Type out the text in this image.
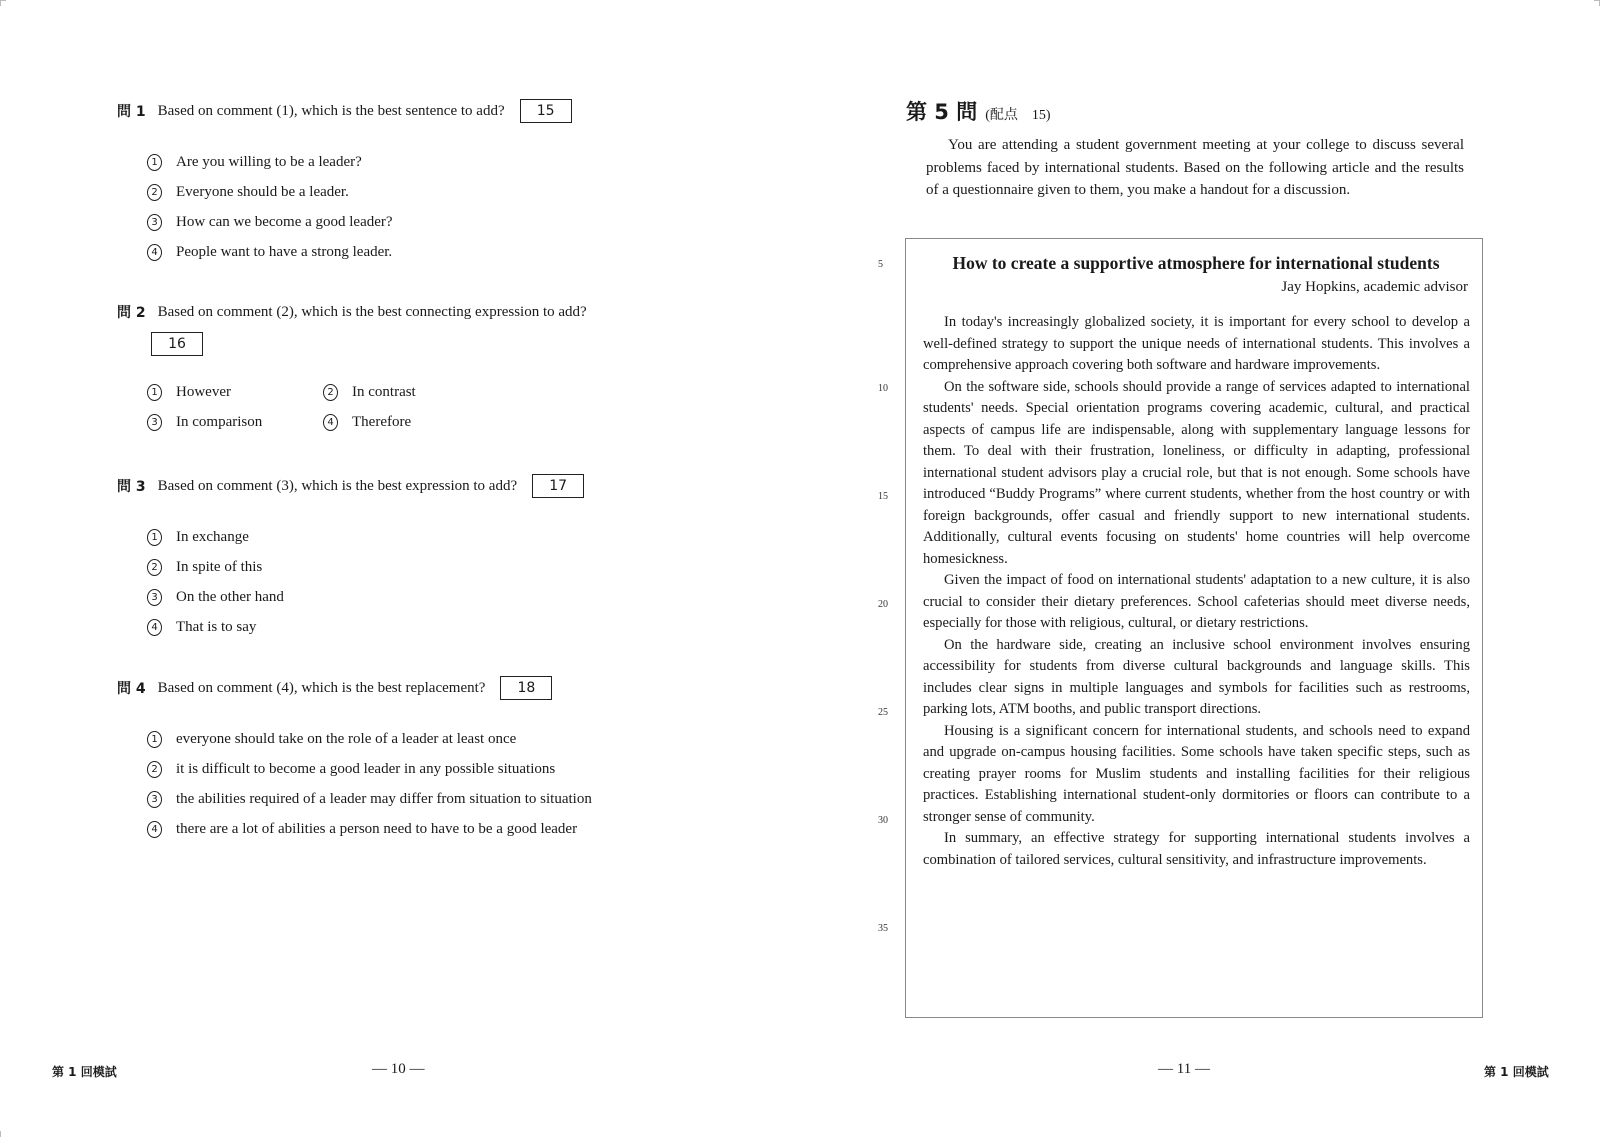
問 1 Based on comment (1), which is the best sentence to add?	15
1 Are you willing to be a leader?
2 Everyone should be a leader.
3 How can we become a good leader?
4 People want to have a strong leader.
問 2 Based on comment (2), which is the best connecting expression to add?
16
1 However	2 In contrast
3 In comparison	4 Therefore
問 3 Based on comment (3), which is the best expression to add?	17
1 In exchange
2 In spite of this
3 On the other hand
4 That is to say
問 4 Based on comment (4), which is the best replacement?	18
1 everyone should take on the role of a leader at least once
2 it is difficult to become a good leader in any possible situations
3 the abilities required of a leader may differ from situation to situation
4 there are a lot of abilities a person need to have to be a good leader
第 1 回模試	— 10 —
第 5 問 (配点　15)
You are attending a student government meeting at your college to discuss several problems faced by international students. Based on the following article and the results of a questionnaire given to them, you make a handout for a discussion.
5
10
15
20
25
30
35
How to create a supportive atmosphere for international students
Jay Hopkins, academic advisor

In today's increasingly globalized society, it is important for every school to develop a well-defined strategy to support the unique needs of international students. This involves a comprehensive approach covering both software and hardware improvements.

On the software side, schools should provide a range of services adapted to international students' needs. Special orientation programs covering academic, cultural, and practical aspects of campus life are indispensable, along with supplementary language lessons for them. To deal with their frustration, loneliness, or difficulty in adapting, professional international student advisors play a crucial role, but that is not enough. Some schools have introduced “Buddy Programs” where current students, whether from the host country or with foreign backgrounds, offer casual and friendly support to new international students. Additionally, cultural events focusing on students' home countries will help overcome homesickness.

Given the impact of food on international students' adaptation to a new culture, it is also crucial to consider their dietary preferences. School cafeterias should meet diverse needs, especially for those with religious, cultural, or dietary restrictions.

On the hardware side, creating an inclusive school environment involves ensuring accessibility for students from diverse cultural backgrounds and language skills. This includes clear signs in multiple languages and symbols for facilities such as restrooms, parking lots, ATM booths, and public transport directions.

Housing is a significant concern for international students, and schools need to expand and upgrade on-campus housing facilities. Some schools have taken specific steps, such as creating prayer rooms for Muslim students and installing facilities for their religious practices. Establishing international student-only dormitories or floors can contribute to a stronger sense of community.

In summary, an effective strategy for supporting international students involves a combination of tailored services, cultural sensitivity, and infrastructure improvements.

— 11 —	第 1 回模試
